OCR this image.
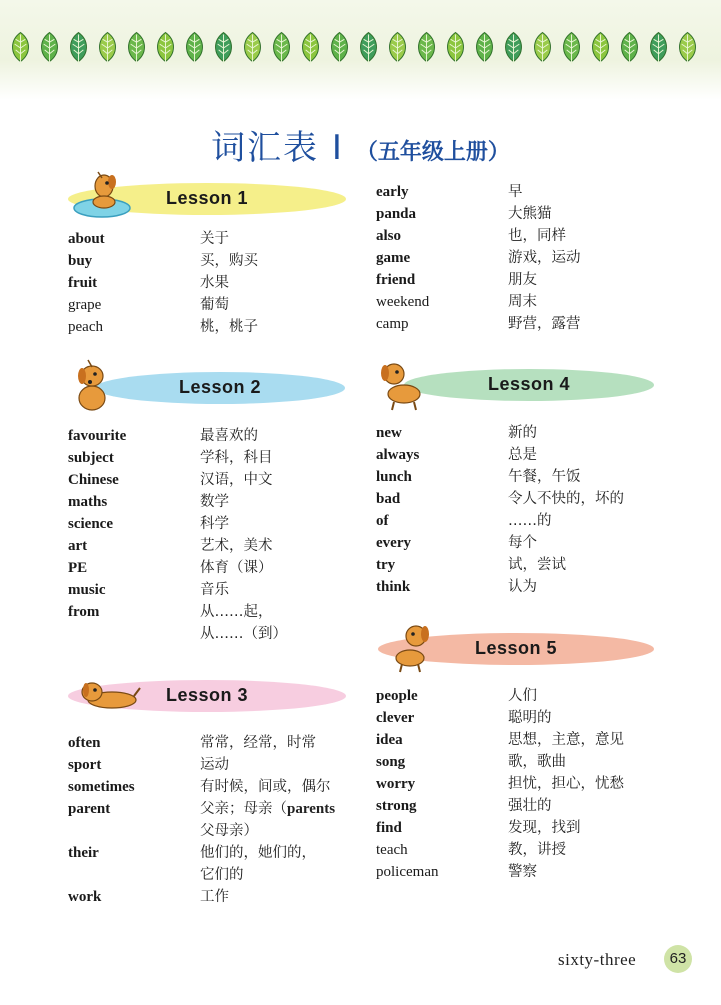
词汇表 I （五年级上册）
Lesson 1
about	关于
buy	买，购买
fruit	水果
grape	葡萄
peach	桃，桃子
early	早
panda	大熊猫
also	也，同样
game	游戏，运动
friend	朋友
weekend	周末
camp	野营，露营
Lesson 2
favourite	最喜欢的
subject	学科，科目
Chinese	汉语，中文
maths	数学
science	科学
art	艺术，美术
PE	体育（课）
music	音乐
from	从……起，
从……（到）
Lesson 3
often	常常，经常，时常
sport	运动
sometimes	有时候，间或，偶尔
parent	父亲；母亲（parents
父母亲）
their	他们的，她们的，
它们的
work	工作
Lesson 4
new	新的
always	总是
lunch	午餐，午饭
bad	令人不快的，坏的
of	……的
every	每个
try	试，尝试
think	认为
Lesson 5
people	人们
clever	聪明的
idea	思想，主意，意见
song	歌，歌曲
worry	担忧，担心，忧愁
strong	强壮的
find	发现，找到
teach	教，讲授
policeman	警察
sixty-three	63
